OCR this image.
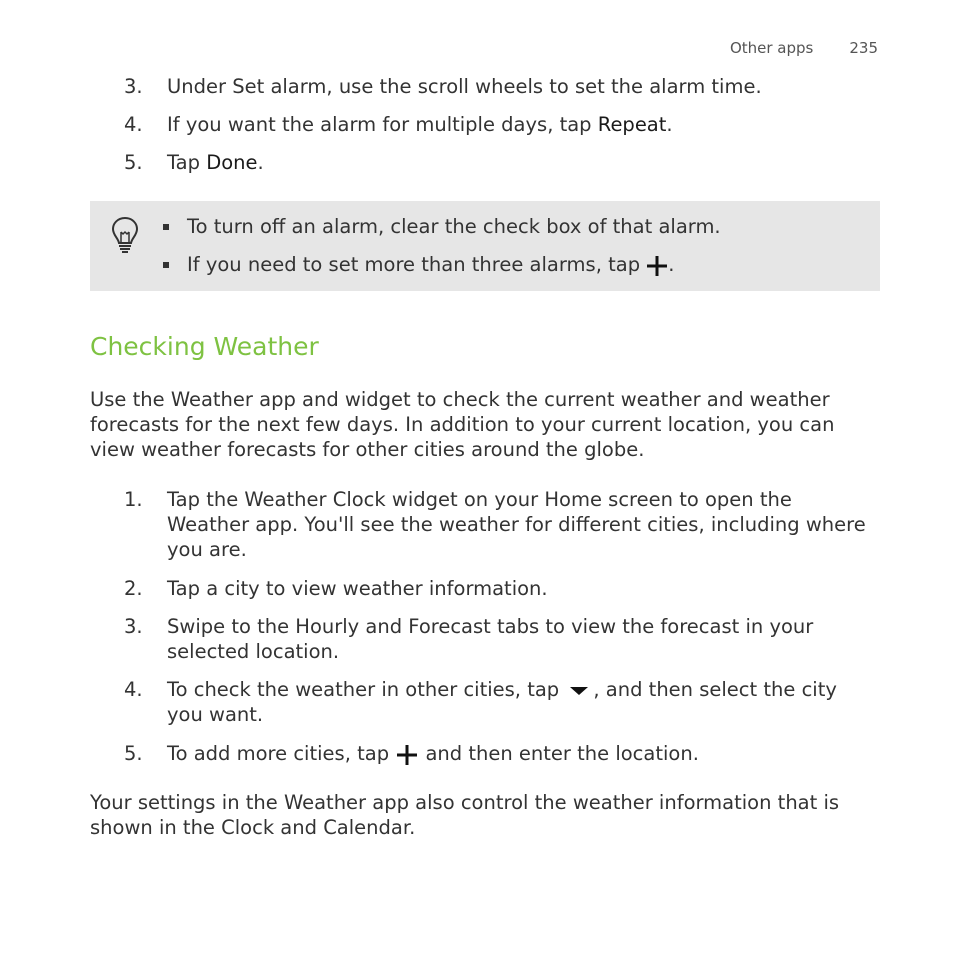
Other apps 235
3. Under Set alarm, use the scroll wheels to set the alarm time.
4. If you want the alarm for multiple days, tap Repeat.
5. Tap Done.
To turn off an alarm, clear the check box of that alarm.
If you need to set more than three alarms, tap .
Checking Weather
Use the Weather app and widget to check the current weather and weather forecasts for the next few days. In addition to your current location, you can view weather forecasts for other cities around the globe.
1. Tap the Weather Clock widget on your Home screen to open the Weather app. You'll see the weather for different cities, including where you are.
2. Tap a city to view weather information.
3. Swipe to the Hourly and Forecast tabs to view the forecast in your selected location.
4. To check the weather in other cities, tap , and then select the city you want.
5. To add more cities, tap  and then enter the location.
Your settings in the Weather app also control the weather information that is shown in the Clock and Calendar.
